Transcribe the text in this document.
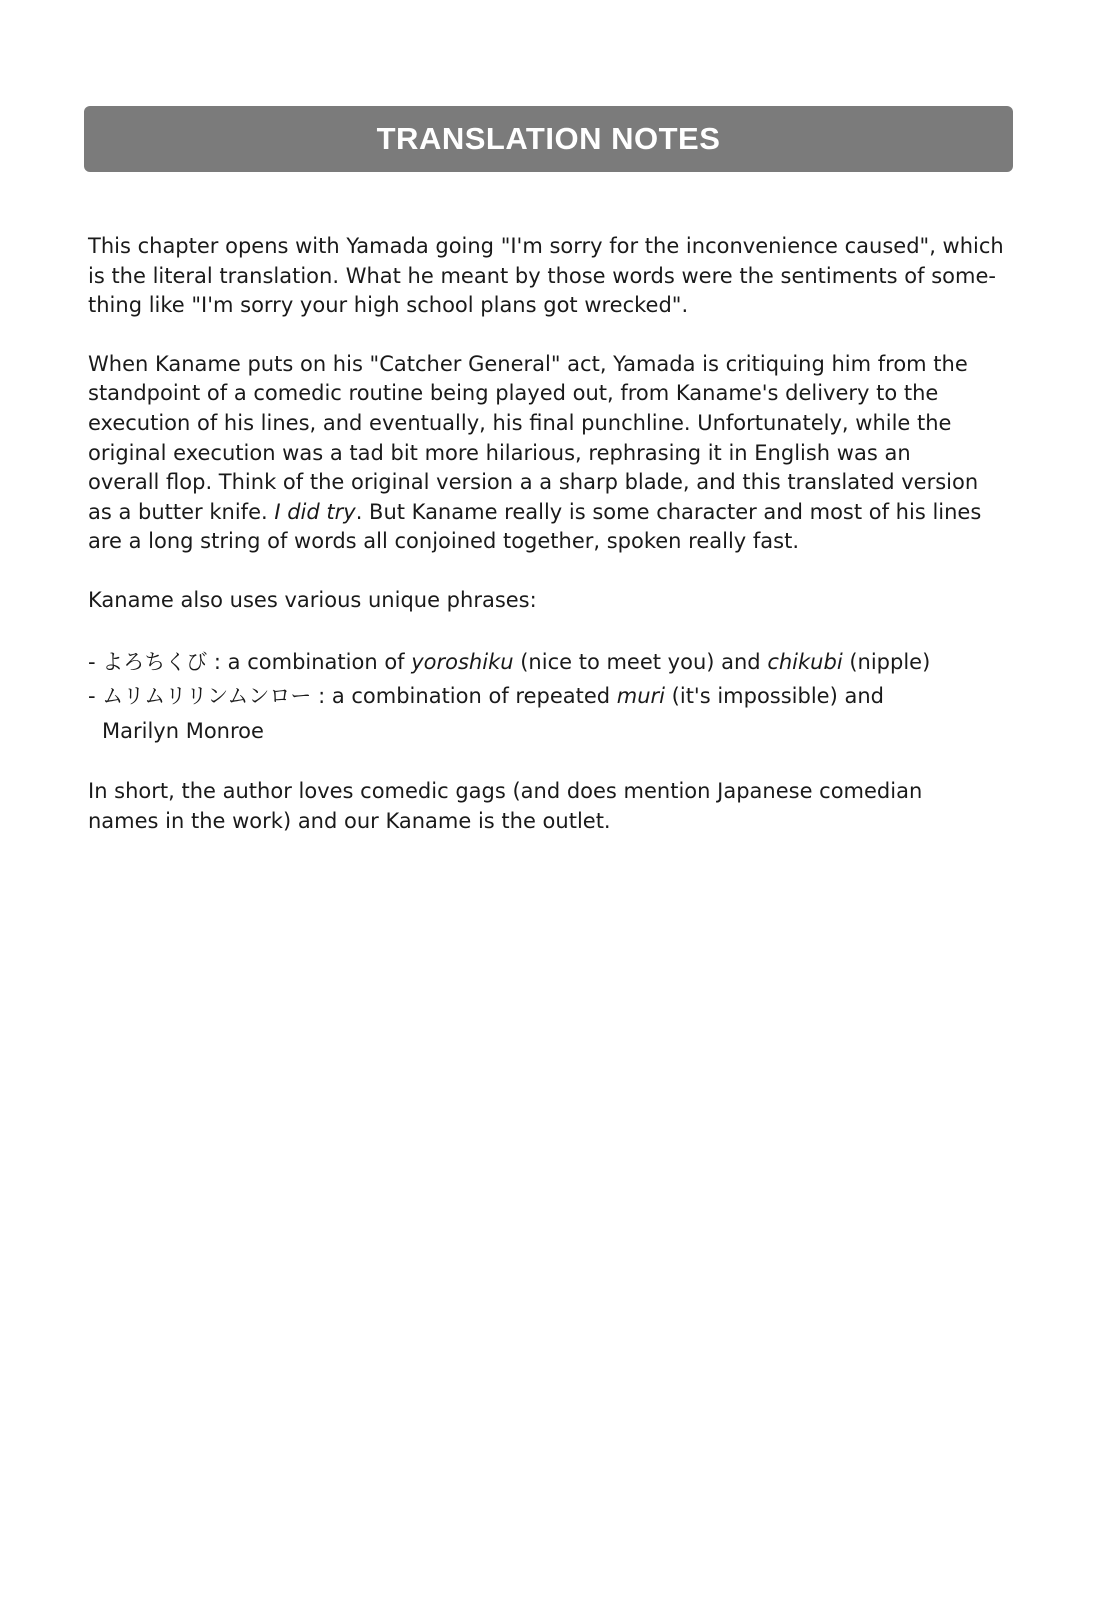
TRANSLATION NOTES

This chapter opens with Yamada going "I'm sorry for the inconvenience caused", which
is the literal translation. What he meant by those words were the sentiments of some-
thing like "I'm sorry your high school plans got wrecked".

When Kaname puts on his "Catcher General" act, Yamada is critiquing him from the
standpoint of a comedic routine being played out, from Kaname's delivery to the
execution of his lines, and eventually, his final punchline. Unfortunately, while the
original execution was a tad bit more hilarious, rephrasing it in English was an
overall flop. Think of the original version a a sharp blade, and this translated version
as a butter knife. I did try. But Kaname really is some character and most of his lines
are a long string of words all conjoined together, spoken really fast.

Kaname also uses various unique phrases:

- よろちくび : a combination of yoroshiku (nice to meet you) and chikubi (nipple)
- ムリムリリンムンロー : a combination of repeated muri (it's impossible) and
Marilyn Monroe

In short, the author loves comedic gags (and does mention Japanese comedian
names in the work) and our Kaname is the outlet.
